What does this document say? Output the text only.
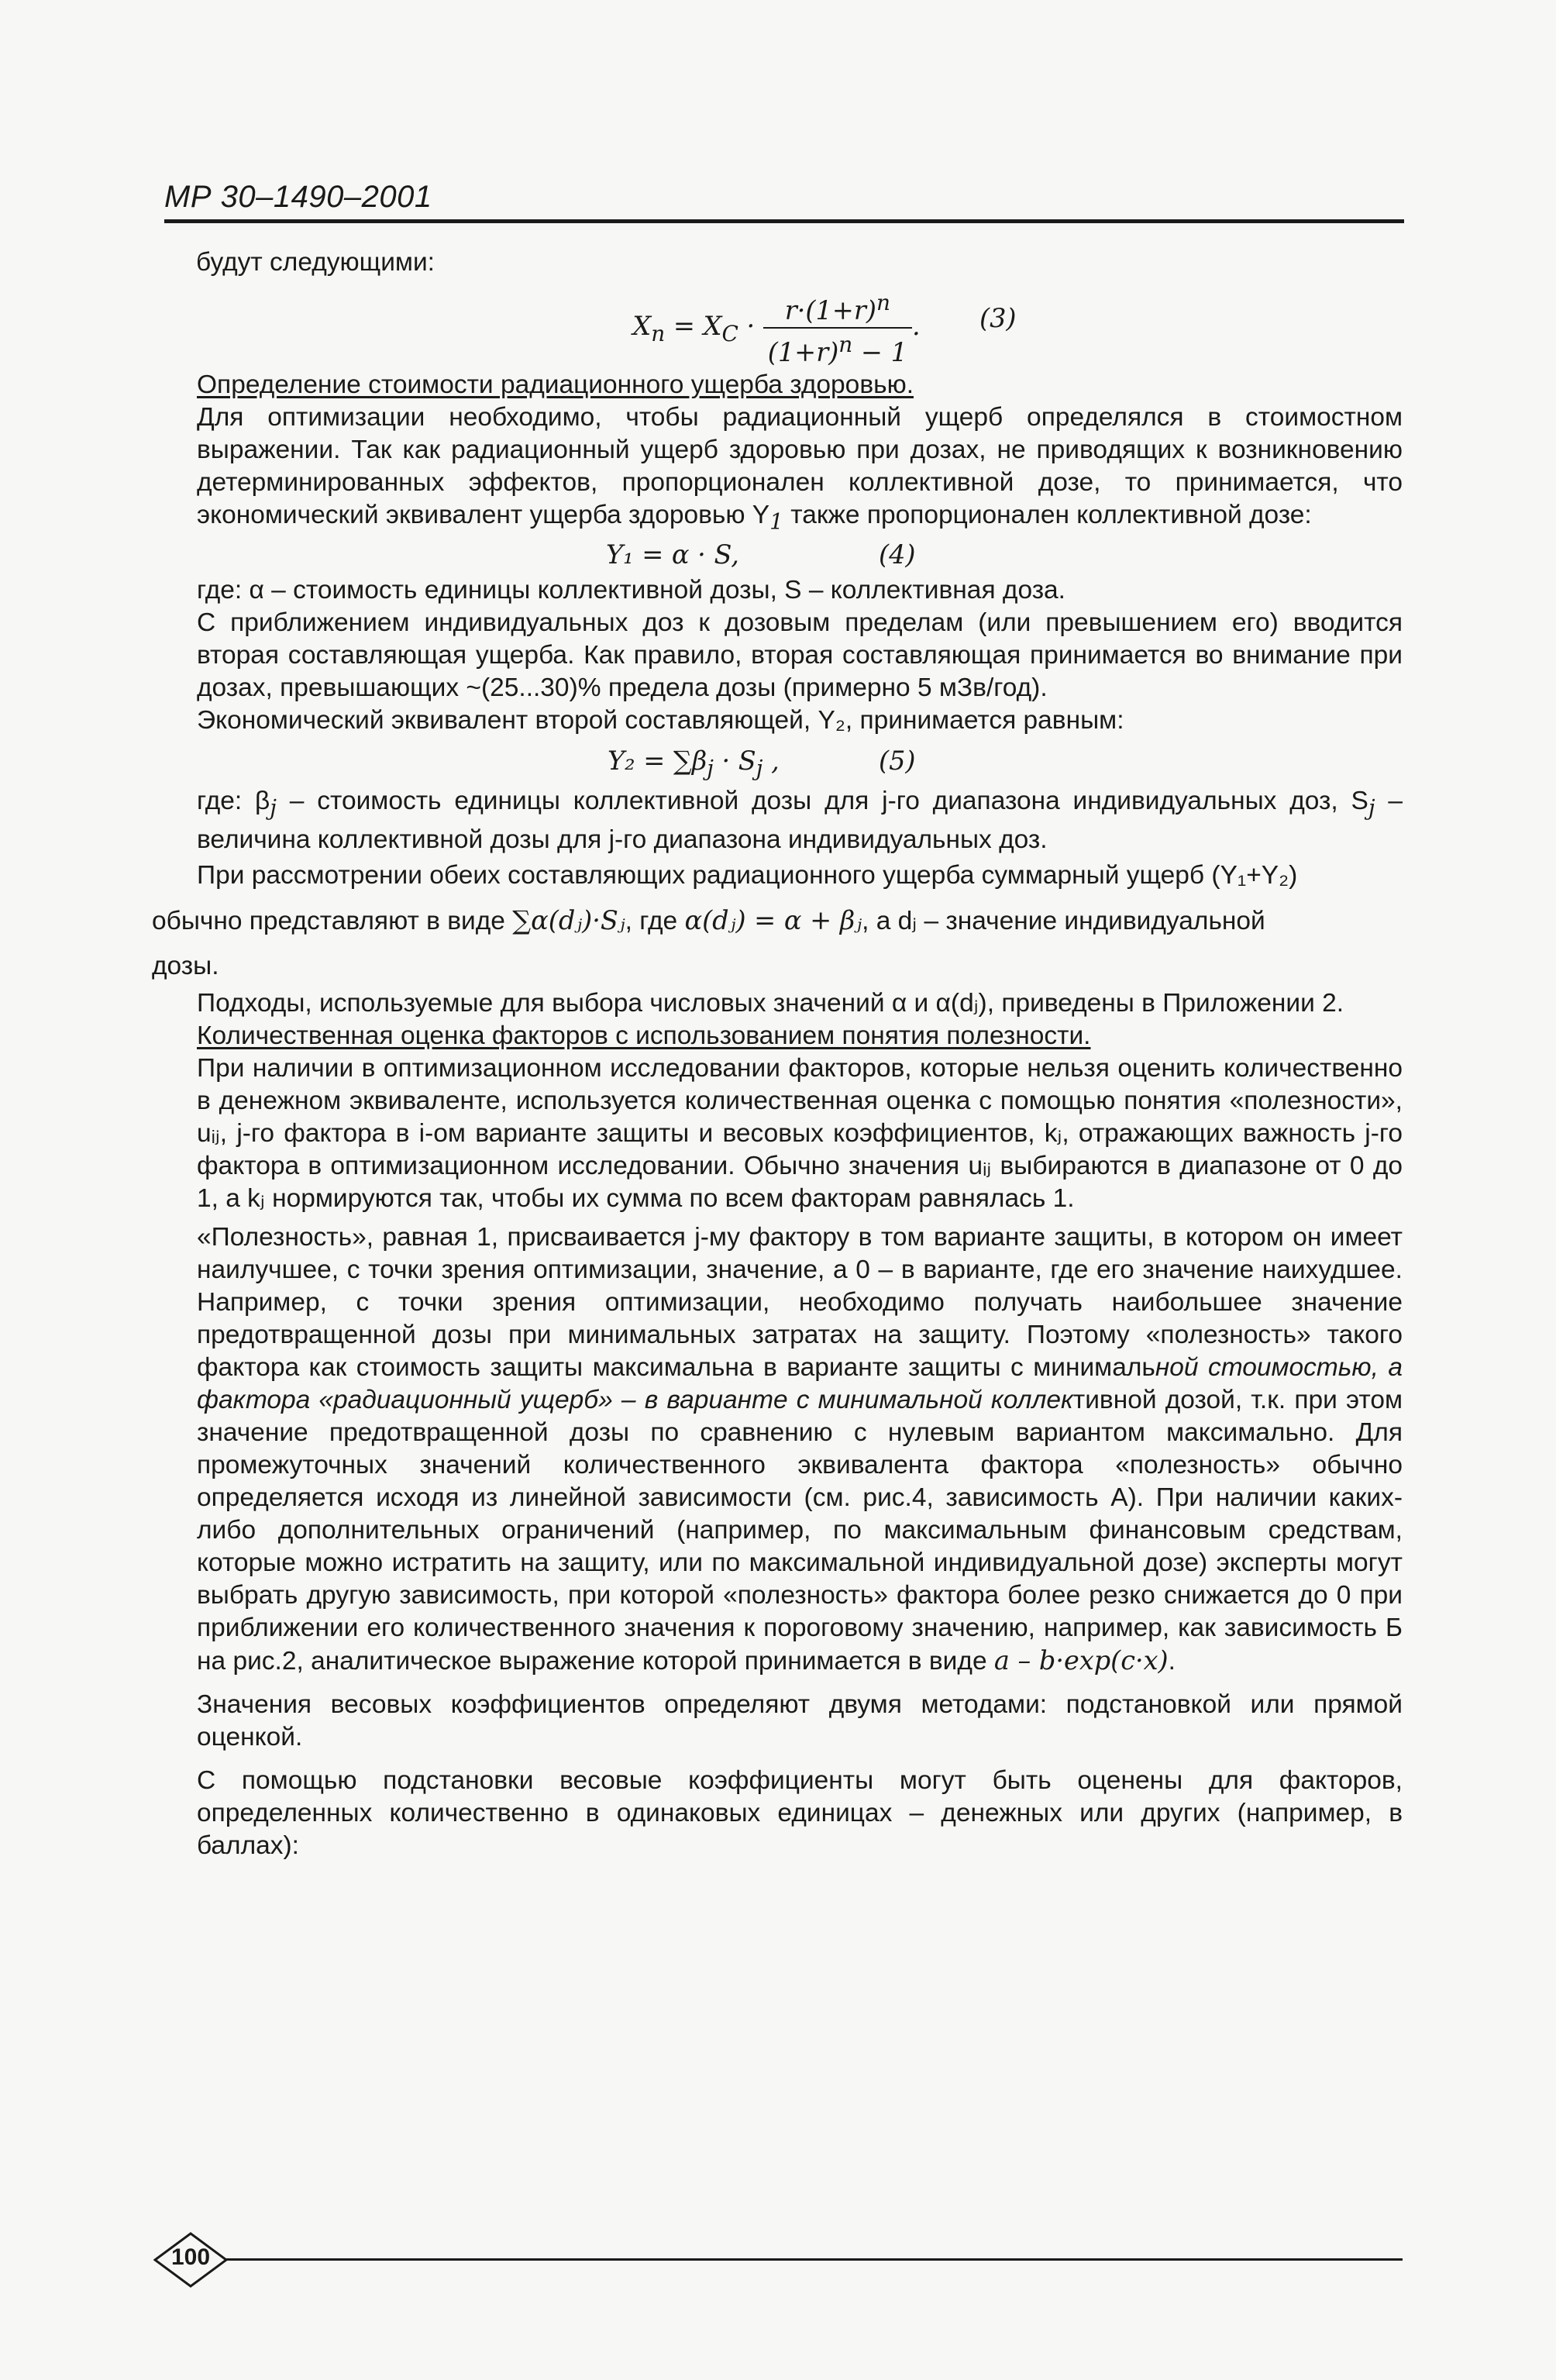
МР 30–1490–2001

будут следующими:

$X_n = X_C \cdot \frac{r\cdot(1+r)^n}{(1+r)^n - 1}$ .	(3)

Определение стоимости радиационного ущерба здоровью.

Для оптимизации необходимо, чтобы радиационный ущерб определялся в стоимостном выражении. Так как радиационный ущерб здоровью при дозах, не приводящих к возникновению детерминированных эффектов, пропорционален коллективной дозе, то принимается, что экономический эквивалент ущерба здоровью $Y_1$ также пропорционален коллективной дозе:

Y₁ = α · S,	(4)

где: α – стоимость единицы коллективной дозы, S – коллективная доза.

С приближением индивидуальных доз к дозовым пределам (или превышением его) вводится вторая составляющая ущерба. Как правило, вторая составляющая принимается во внимание при дозах, превышающих ~(25...30)% предела дозы (примерно 5 мЗв/год).

Экономический эквивалент второй составляющей, Y₂, принимается равным:

$Y_2 = \sum\beta_j \cdot S_j$ ,	(5)

где: $\beta_j$ – стоимость единицы коллективной дозы для j-го диапазона индивидуальных доз, $S_j$ – величина коллективной дозы для j-го диапазона индивидуальных доз.

При рассмотрении обеих составляющих радиационного ущерба суммарный ущерб (Y₁+Y₂)

обычно представляют в виде ∑α(dⱼ)·Sⱼ, где α(dⱼ) = α + βⱼ, а dⱼ – значение индивидуальной

дозы.

Подходы, используемые для выбора числовых значений α и α(dⱼ), приведены в Приложении 2.

Количественная оценка факторов с использованием понятия полезности.

При наличии в оптимизационном исследовании факторов, которые нельзя оценить количественно в денежном эквиваленте, используется количественная оценка с помощью понятия «полезности», uᵢⱼ, j-го фактора в i-ом варианте защиты и весовых коэффициентов, kⱼ, отражающих важность j-го фактора в оптимизационном исследовании. Обычно значения uᵢⱼ выбираются в диапазоне от 0 до 1, а kⱼ нормируются так, чтобы их сумма по всем факторам равнялась 1.

«Полезность», равная 1, присваивается j-му фактору в том варианте защиты, в котором он имеет наилучшее, с точки зрения оптимизации, значение, а 0 – в варианте, где его значение наихудшее. Например, с точки зрения оптимизации, необходимо получать наибольшее значение предотвращенной дозы при минимальных затратах на защиту. Поэтому «полезность» такого фактора как стоимость защиты максимальна в варианте защиты с минимальной стоимостью, а фактора «радиационный ущерб» – в варианте с минимальной коллективной дозой, т.к. при этом значение предотвращенной дозы по сравнению с нулевым вариантом максимально. Для промежуточных значений количественного эквивалента фактора «полезность» обычно определяется исходя из линейной зависимости (см. рис.4, зависимость А). При наличии каких-либо дополнительных ограничений (например, по максимальным финансовым средствам, которые можно истратить на защиту, или по максимальной индивидуальной дозе) эксперты могут выбрать другую зависимость, при которой «полезность» фактора более резко снижается до 0 при приближении его количественного значения к пороговому значению, например, как зависимость Б на рис.2, аналитическое выражение которой принимается в виде a – b·exp(c·x).

Значения весовых коэффициентов определяют двумя методами: подстановкой или прямой оценкой.

С помощью подстановки весовые коэффициенты могут быть оценены для факторов, определенных количественно в одинаковых единицах – денежных или других (например, в баллах):

100
